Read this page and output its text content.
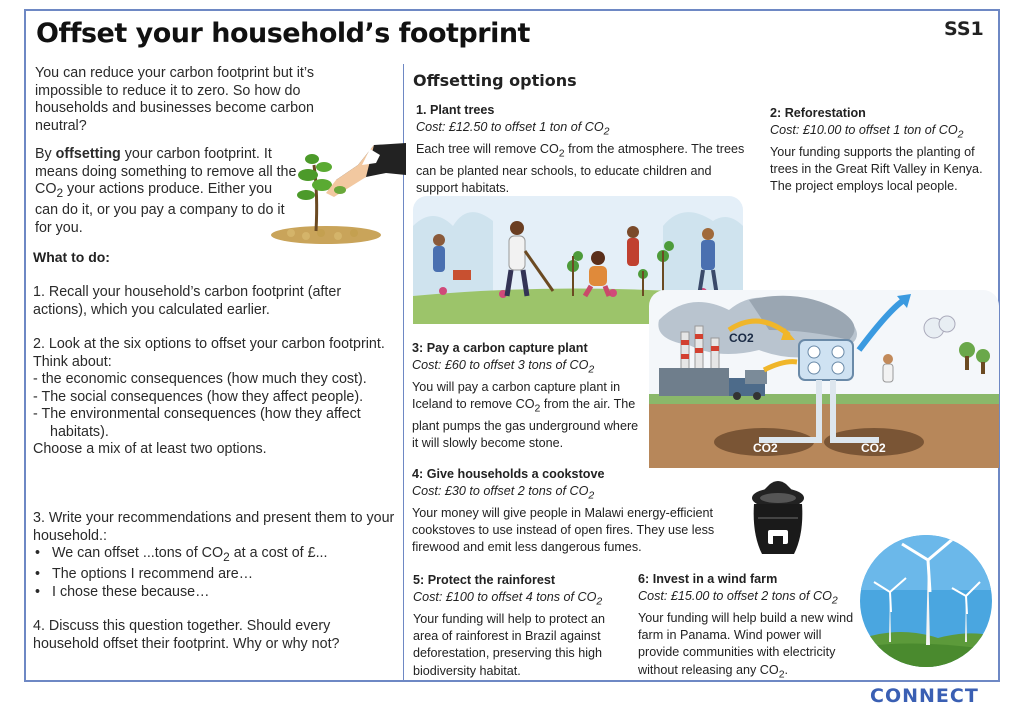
Offset your household’s footprint	SS1
You can reduce your carbon footprint but it’s impossible to reduce it to zero. So how do households and businesses become carbon neutral?
By offsetting your carbon footprint. It means doing something to remove all the $CO_2$ your actions produce. Either you can do it, or you pay a company to do it for you.
What to do:
1. Recall your household’s carbon footprint (after actions), which you calculated earlier.
2. Look at the six options to offset your carbon footprint. Think about:
- the economic consequences (how much they cost).
- The social consequences (how they affect people).
- The environmental consequences (how they affect habitats).
Choose a mix of at least two options.
3. Write your recommendations and present them to your household.:
• We can offset ...tons of $CO_2$ at a cost of £...
• The options I recommend are…
• I chose these because…
4. Discuss this question together. Should every household offset their footprint. Why or why not?
Offsetting options
1. Plant trees
Cost: £12.50 to offset 1 ton of $CO_2$
Each tree will remove $CO_2$ from the atmosphere. The trees can be planted near schools, to educate children and support habitats.
2: Reforestation
Cost: £10.00 to offset 1 ton of $CO_2$
Your funding supports the planting of trees in the Great Rift Valley in Kenya. The project employs local people.
CO2
CO2	CO2
3: Pay a carbon capture plant
Cost: £60 to offset 3 tons of $CO_2$
You will pay a carbon capture plant in Iceland to remove $CO_2$ from the air. The plant pumps the gas underground where it will slowly become stone.
4: Give households a cookstove
Cost: £30 to offset 2 tons of $CO_2$
Your money will give people in Malawi energy-efficient cookstoves to use instead of open fires. They use less firewood and emit less dangerous fumes.
5: Protect the rainforest
Cost: £100 to offset 4 tons of $CO_2$
Your funding will help to protect an area of rainforest in Brazil against deforestation, preserving this high biodiversity habitat.
6: Invest in a wind farm
Cost: £15.00 to offset 2 tons of $CO_2$
Your funding will help build a new wind farm in Panama. Wind power will provide communities with electricity without releasing any $CO_2$.
CONNECT
